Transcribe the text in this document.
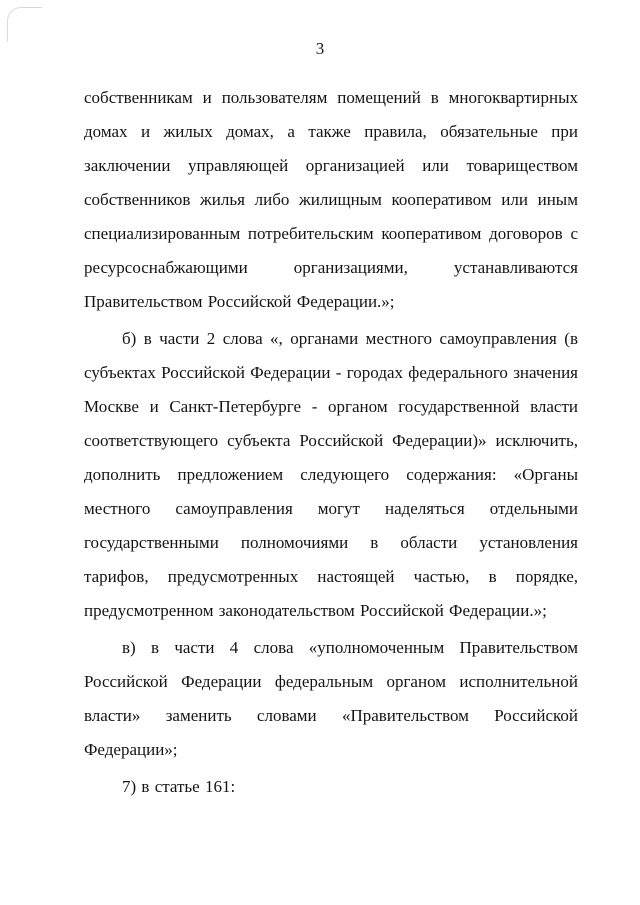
3

собственникам и пользователям помещений в многоквартирных домах и жилых домах, а также правила, обязательные при заключении управляющей организацией или товариществом собственников жилья либо жилищным кооперативом или иным специализированным потребительским кооперативом договоров с ресурсоснабжающими организациями, устанавливаются Правительством Российской Федерации.»;

б) в части 2 слова «, органами местного самоуправления (в субъектах Российской Федерации - городах федерального значения Москве и Санкт-Петербурге - органом государственной власти соответствующего субъекта Российской Федерации)» исключить, дополнить предложением следующего содержания: «Органы местного самоуправления могут наделяться отдельными государственными полномочиями в области установления тарифов, предусмотренных настоящей частью, в порядке, предусмотренном законодательством Российской Федерации.»;

в) в части 4 слова «уполномоченным Правительством Российской Федерации федеральным органом исполнительной власти» заменить словами «Правительством Российской Федерации»;

7) в статье 161:
